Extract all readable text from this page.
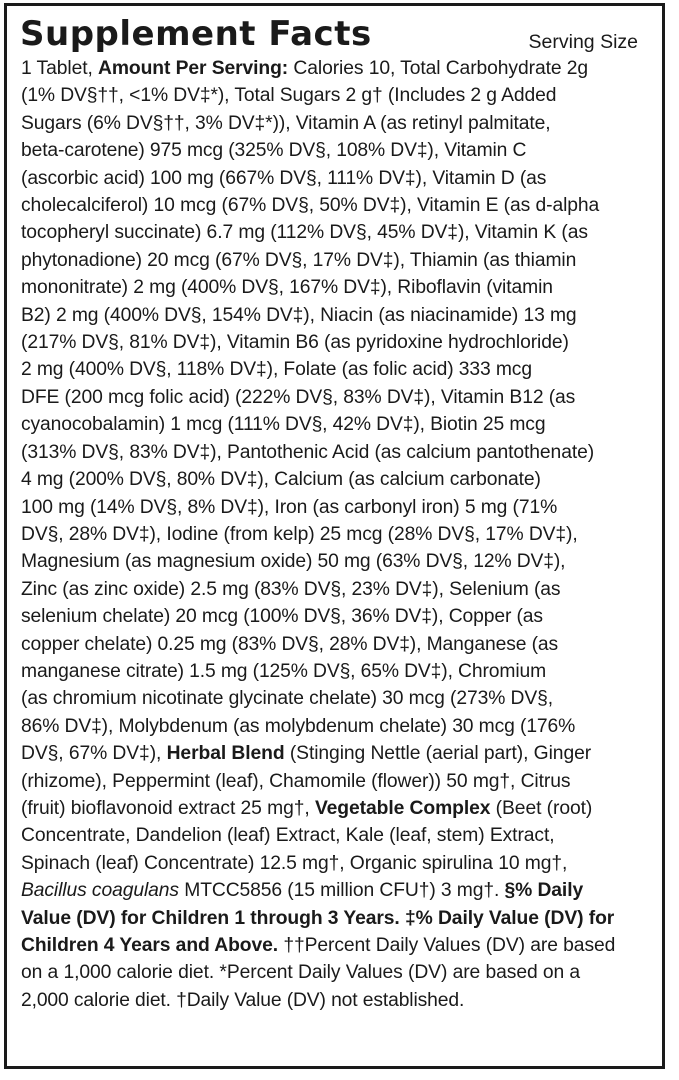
Supplement Facts	Serving Size
1 Tablet, Amount Per Serving: Calories 10, Total Carbohydrate 2g
(1% DV§††, <1% DV‡*), Total Sugars 2 g† (Includes 2 g Added
Sugars (6% DV§††, 3% DV‡*)), Vitamin A (as retinyl palmitate,
beta-carotene) 975 mcg (325% DV§, 108% DV‡), Vitamin C
(ascorbic acid) 100 mg (667% DV§, 111% DV‡), Vitamin D (as
cholecalciferol) 10 mcg (67% DV§, 50% DV‡), Vitamin E (as d-alpha
tocopheryl succinate) 6.7 mg (112% DV§, 45% DV‡), Vitamin K (as
phytonadione) 20 mcg (67% DV§, 17% DV‡), Thiamin (as thiamin
mononitrate) 2 mg (400% DV§, 167% DV‡), Riboflavin (vitamin
B2) 2 mg (400% DV§, 154% DV‡), Niacin (as niacinamide) 13 mg
(217% DV§, 81% DV‡), Vitamin B6 (as pyridoxine hydrochloride)
2 mg (400% DV§, 118% DV‡), Folate (as folic acid) 333 mcg
DFE (200 mcg folic acid) (222% DV§, 83% DV‡), Vitamin B12 (as
cyanocobalamin) 1 mcg (111% DV§, 42% DV‡), Biotin 25 mcg
(313% DV§, 83% DV‡), Pantothenic Acid (as calcium pantothenate)
4 mg (200% DV§, 80% DV‡), Calcium (as calcium carbonate)
100 mg (14% DV§, 8% DV‡), Iron (as carbonyl iron) 5 mg (71%
DV§, 28% DV‡), Iodine (from kelp) 25 mcg (28% DV§, 17% DV‡),
Magnesium (as magnesium oxide) 50 mg (63% DV§, 12% DV‡),
Zinc (as zinc oxide) 2.5 mg (83% DV§, 23% DV‡), Selenium (as
selenium chelate) 20 mcg (100% DV§, 36% DV‡), Copper (as
copper chelate) 0.25 mg (83% DV§, 28% DV‡), Manganese (as
manganese citrate) 1.5 mg (125% DV§, 65% DV‡), Chromium
(as chromium nicotinate glycinate chelate) 30 mcg (273% DV§,
86% DV‡), Molybdenum (as molybdenum chelate) 30 mcg (176%
DV§, 67% DV‡), Herbal Blend (Stinging Nettle (aerial part), Ginger
(rhizome), Peppermint (leaf), Chamomile (flower)) 50 mg†, Citrus
(fruit) bioflavonoid extract 25 mg†, Vegetable Complex (Beet (root)
Concentrate, Dandelion (leaf) Extract, Kale (leaf, stem) Extract,
Spinach (leaf) Concentrate) 12.5 mg†, Organic spirulina 10 mg†,
Bacillus coagulans MTCC5856 (15 million CFU†) 3 mg†. §% Daily
Value (DV) for Children 1 through 3 Years. ‡% Daily Value (DV) for
Children 4 Years and Above. ††Percent Daily Values (DV) are based
on a 1,000 calorie diet. *Percent Daily Values (DV) are based on a
2,000 calorie diet. †Daily Value (DV) not established.
